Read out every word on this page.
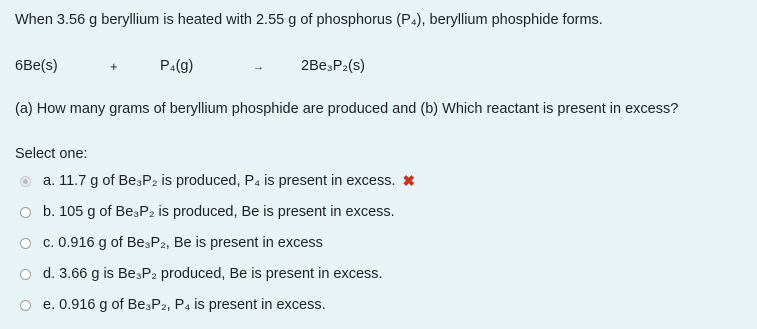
When 3.56 g beryllium is heated with 2.55 g of phosphorus (P₄), beryllium phosphide forms.
6Be(s)	+	P₄(g)	→	2Be₃P₂(s)
(a) How many grams of beryllium phosphide are produced and (b) Which reactant is present in excess?
Select one:
a. 11.7 g of Be₃P₂ is produced, P₄ is present in excess. ✖
b. 105 g of Be₃P₂ is produced, Be is present in excess.
c. 0.916 g of Be₃P₂, Be is present in excess
d. 3.66 g is Be₃P₂ produced, Be is present in excess.
e. 0.916 g of Be₃P₂, P₄ is present in excess.
